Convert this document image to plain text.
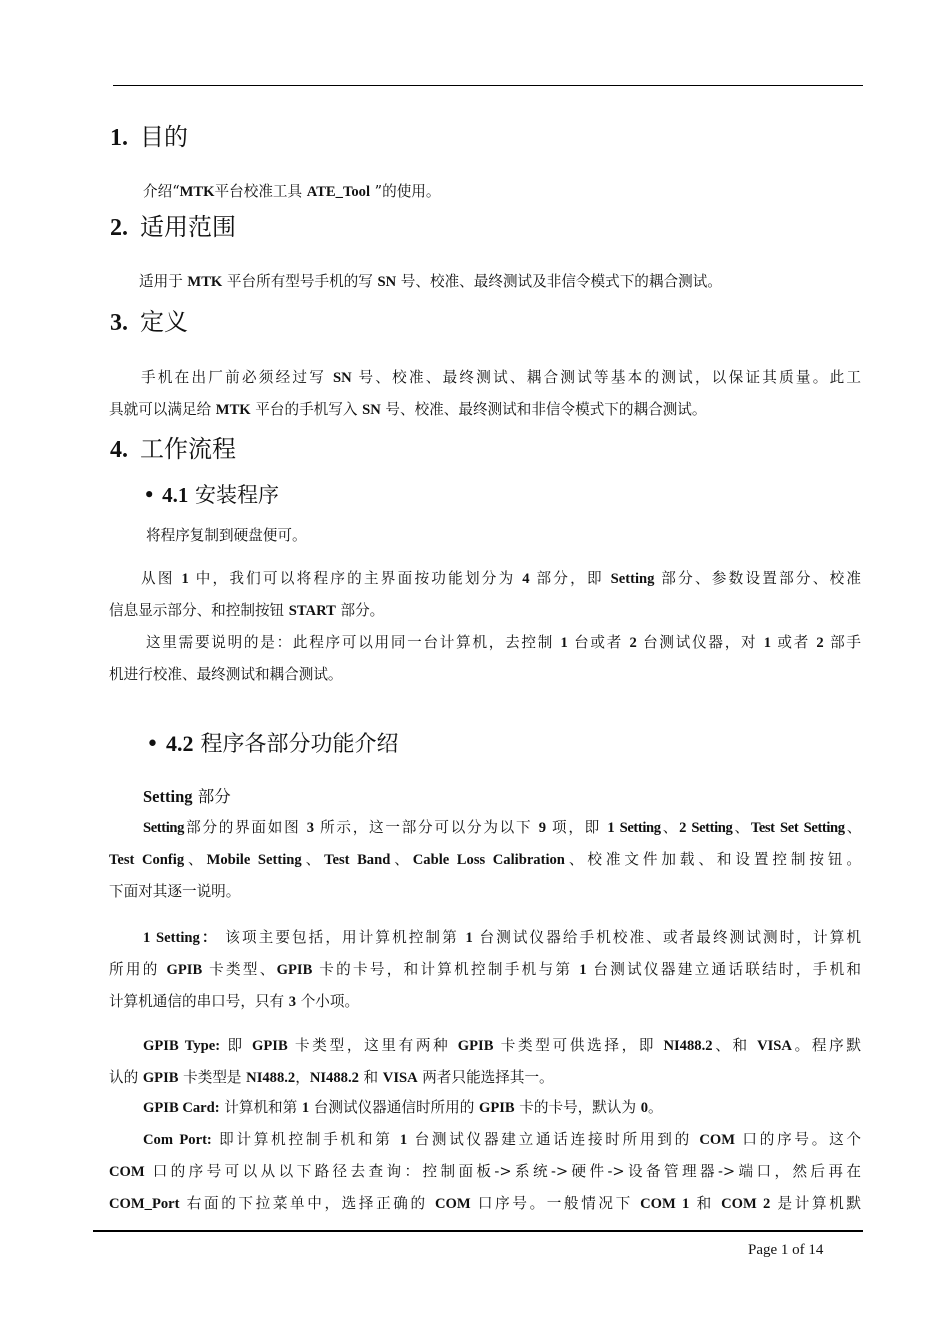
1. 目的
介绍“MTK平台校准工具 ATE_Tool ”的使用。
2. 适用范围
适用于 MTK 平台所有型号手机的写 SN 号、校准、最终测试及非信令模式下的耦合测试。
3. 定义
手机在出厂前必须经过写 SN 号、校准、最终测试、耦合测试等基本的测试，以保证其质量。此工
具就可以满足给 MTK 平台的手机写入 SN 号、校准、最终测试和非信令模式下的耦合测试。
4. 工作流程
• 4.1 安装程序
将程序复制到硬盘便可。
从图 1 中，我们可以将程序的主界面按功能划分为 4 部分，即 Setting 部分、参数设置部分、校准
信息显示部分、和控制按钮 START 部分。
这里需要说明的是：此程序可以用同一台计算机，去控制 1 台或者 2 台测试仪器，对 1 或者 2 部手
机进行校准、最终测试和耦合测试。
• 4.2 程序各部分功能介绍
Setting 部分
Setting部分的界面如图 3 所示，这一部分可以分为以下 9 项，即 1 Setting、2 Setting、Test Set Setting、
Test Config、Mobile Setting、Test Band、Cable Loss Calibration、校准文件加载、和设置控制按钮。
下面对其逐一说明。
1 Setting： 该项主要包括，用计算机控制第 1 台测试仪器给手机校准、或者最终测试测时，计算机
所用的 GPIB 卡类型、GPIB 卡的卡号，和计算机控制手机与第 1 台测试仪器建立通话联结时，手机和
计算机通信的串口号，只有 3 个小项。
GPIB Type: 即 GPIB 卡类型，这里有两种 GPIB 卡类型可供选择，即 NI488.2、和 VISA。程序默
认的 GPIB 卡类型是 NI488.2，NI488.2 和 VISA 两者只能选择其一。
GPIB Card: 计算机和第 1 台测试仪器通信时所用的 GPIB 卡的卡号，默认为 0。
Com Port: 即计算机控制手机和第 1 台测试仪器建立通话连接时所用到的 COM 口的序号。这个
COM 口的序号可以从以下路径去查询：控制面板->系统->硬件->设备管理器->端口，然后再在
COM_Port 右面的下拉菜单中，选择正确的 COM 口序号。一般情况下 COM 1 和 COM 2 是计算机默
Page 1 of 14
